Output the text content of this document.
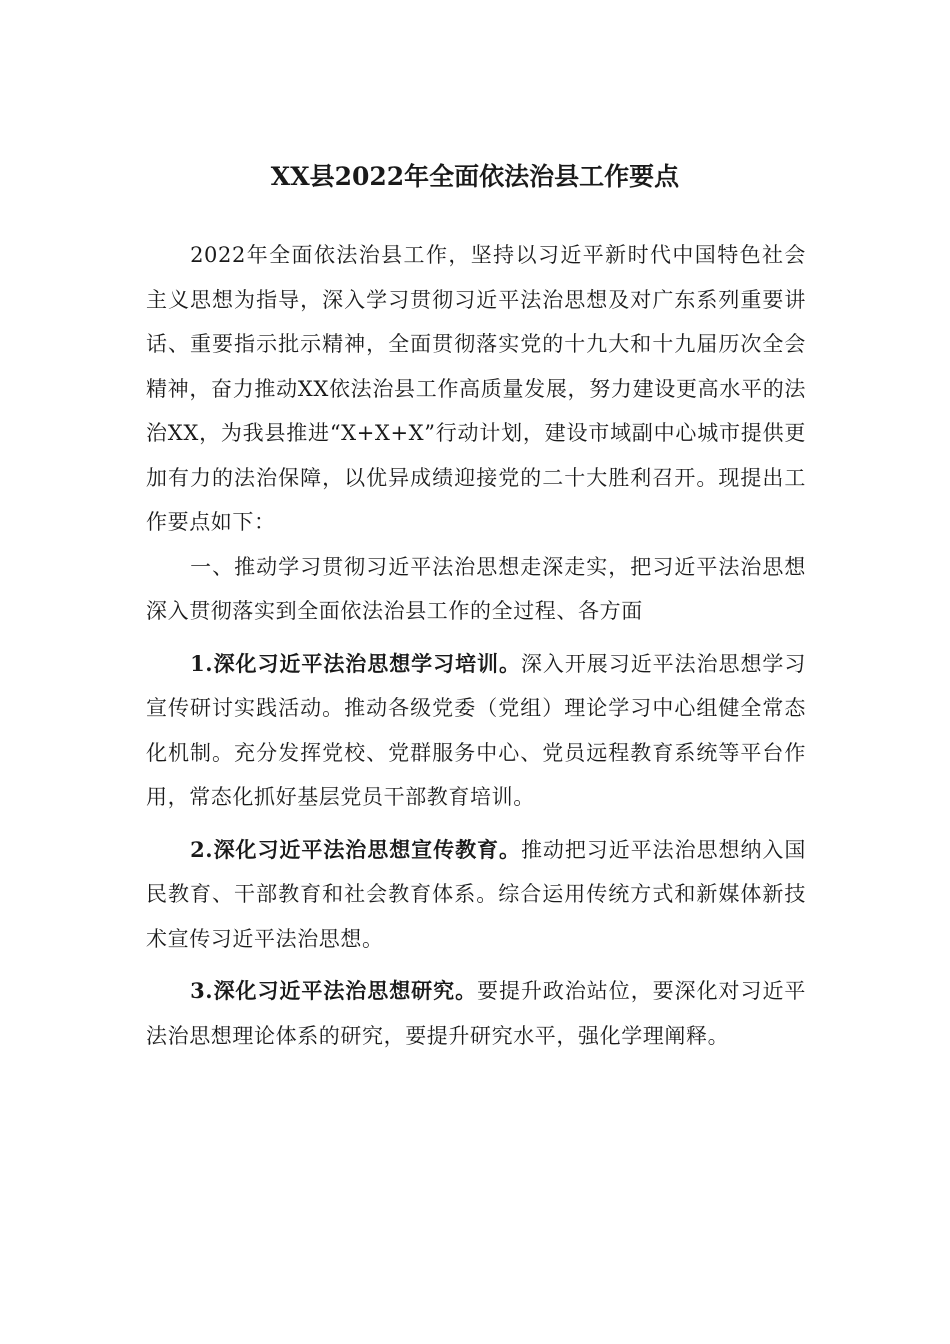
XX县2022年全面依法治县工作要点

2022年全面依法治县工作，坚持以习近平新时代中国特色社会主义思想为指导，深入学习贯彻习近平法治思想及对广东系列重要讲话、重要指示批示精神，全面贯彻落实党的十九大和十九届历次全会精神，奋力推动XX依法治县工作高质量发展，努力建设更高水平的法治XX，为我县推进“X+X+X”行动计划，建设市域副中心城市提供更加有力的法治保障，以优异成绩迎接党的二十大胜利召开。现提出工作要点如下：

一、推动学习贯彻习近平法治思想走深走实，把习近平法治思想深入贯彻落实到全面依法治县工作的全过程、各方面

1.深化习近平法治思想学习培训。深入开展习近平法治思想学习宣传研讨实践活动。推动各级党委（党组）理论学习中心组健全常态化机制。充分发挥党校、党群服务中心、党员远程教育系统等平台作用，常态化抓好基层党员干部教育培训。

2.深化习近平法治思想宣传教育。推动把习近平法治思想纳入国民教育、干部教育和社会教育体系。综合运用传统方式和新媒体新技术宣传习近平法治思想。

3.深化习近平法治思想研究。要提升政治站位，要深化对习近平法治思想理论体系的研究，要提升研究水平，强化学理阐释。
